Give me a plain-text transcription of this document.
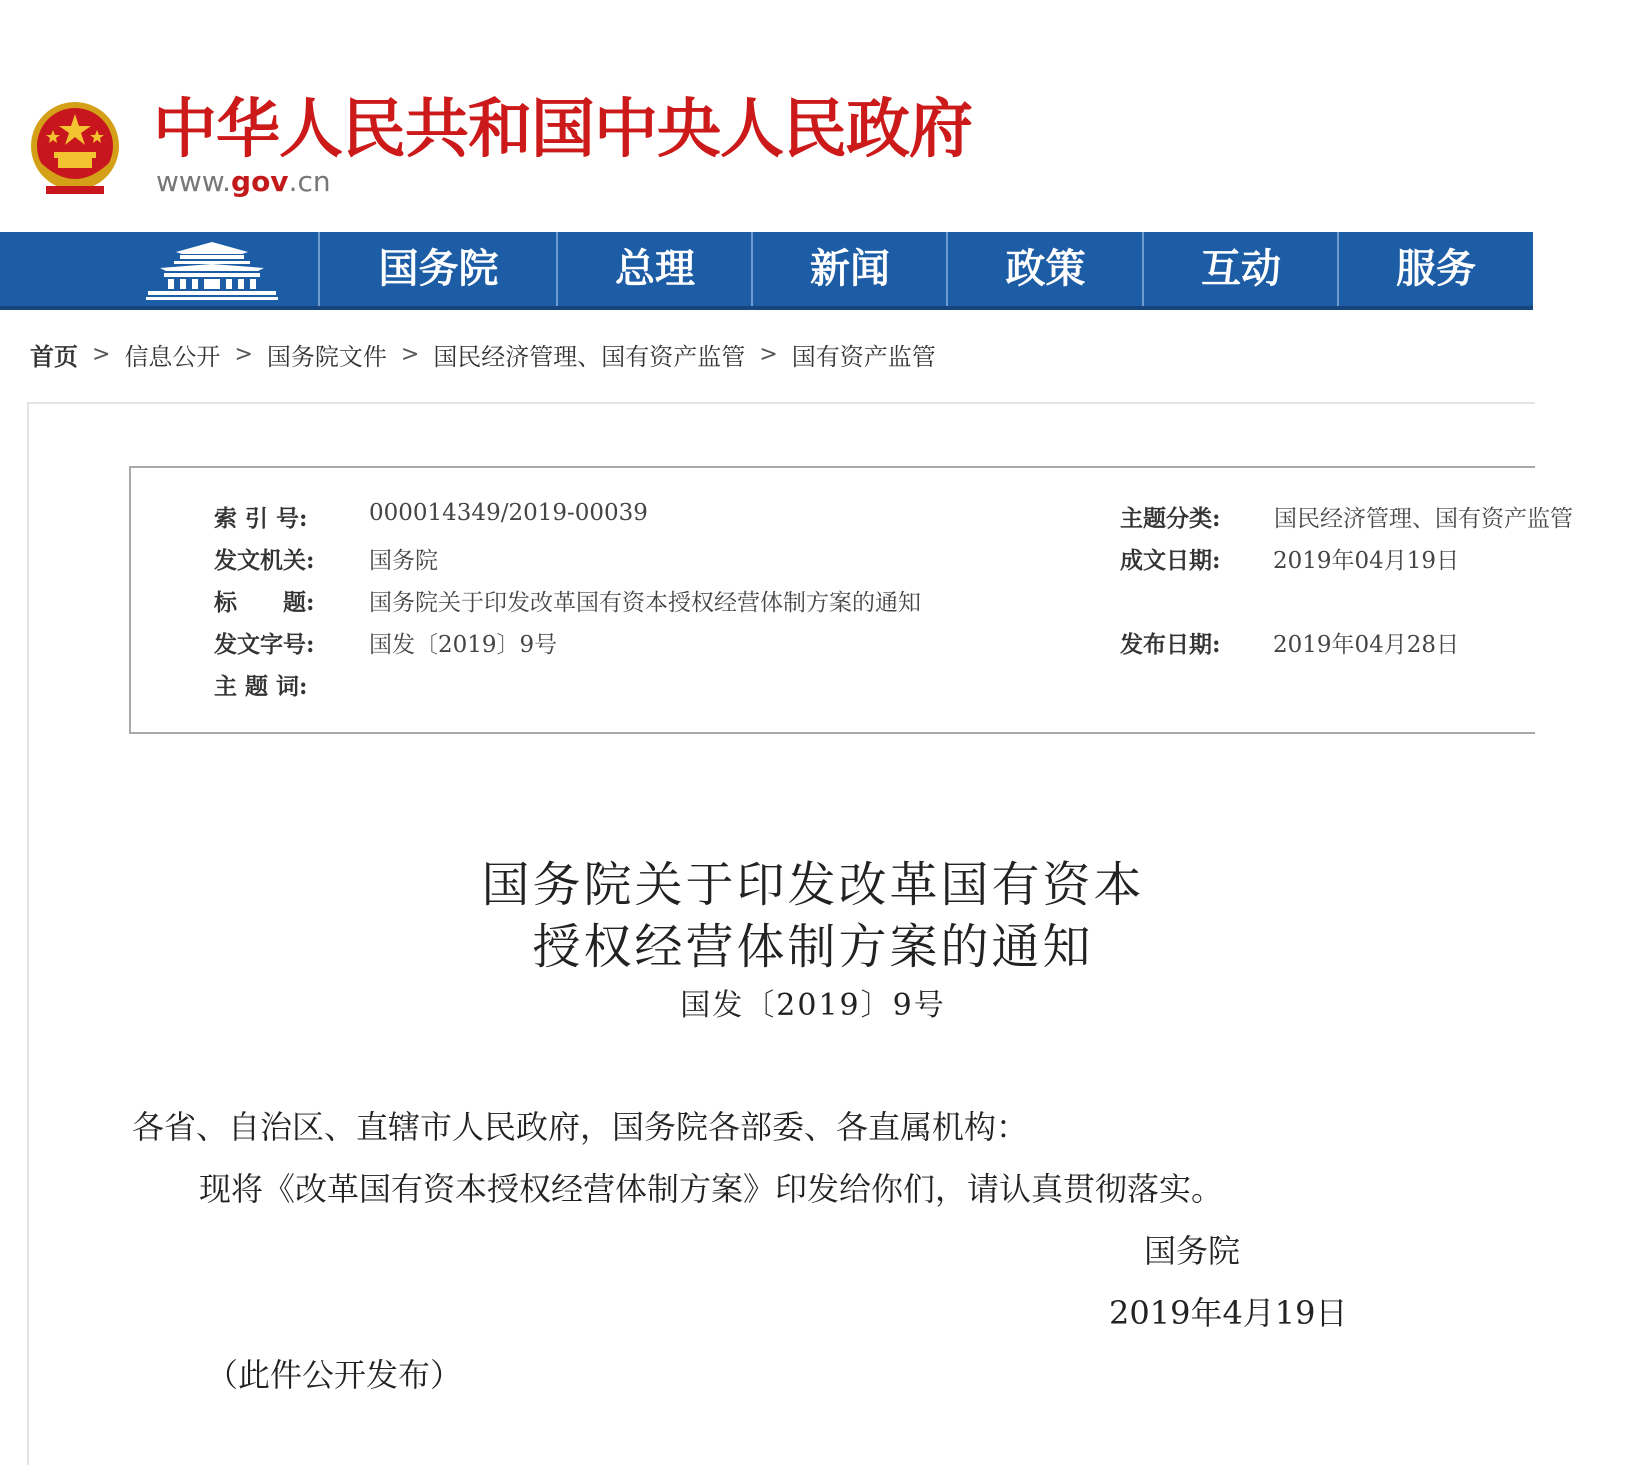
中华人民共和国中央人民政府
www.gov.cn
国务院	总理	新闻	政策	互动	服务
首页 > 信息公开 > 国务院文件 > 国民经济管理、国有资产监管 > 国有资产监管
索 引 号:	000014349/2019-00039	主题分类: 国民经济管理、国有资产监管
发文机关: 国务院	成文日期: 2019年04月19日
标　　题: 国务院关于印发改革国有资本授权经营体制方案的通知
发文字号: 国发〔2019〕9号	发布日期: 2019年04月28日
主 题 词:
国务院关于印发改革国有资本
授权经营体制方案的通知
国发〔2019〕9号
各省、自治区、直辖市人民政府，国务院各部委、各直属机构：
现将《改革国有资本授权经营体制方案》印发给你们，请认真贯彻落实。
国务院
2019年4月19日
（此件公开发布）
